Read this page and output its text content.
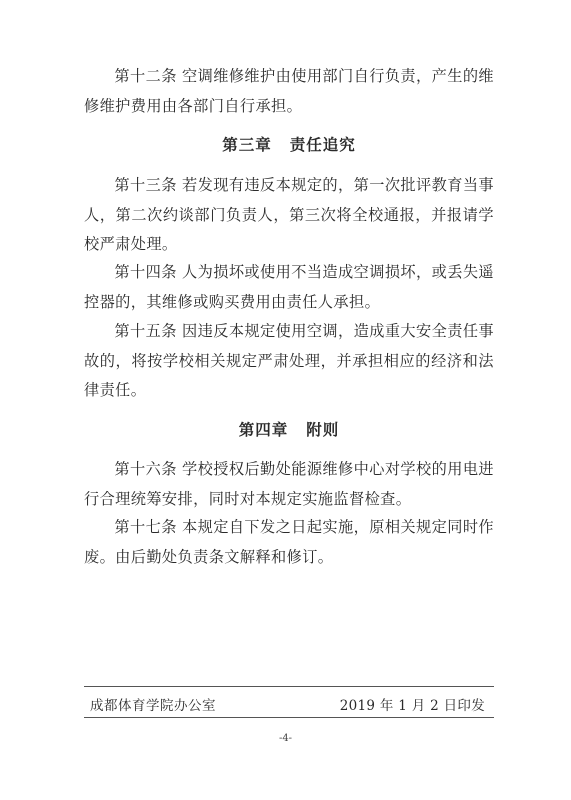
第十二条 空调维修维护由使用部门自行负责，产生的维修维护费用由各部门自行承担。

第三章 责任追究

第十三条 若发现有违反本规定的，第一次批评教育当事人，第二次约谈部门负责人，第三次将全校通报，并报请学校严肃处理。

第十四条 人为损坏或使用不当造成空调损坏，或丢失遥控器的，其维修或购买费用由责任人承担。

第十五条 因违反本规定使用空调，造成重大安全责任事故的，将按学校相关规定严肃处理，并承担相应的经济和法律责任。

第四章 附则

第十六条 学校授权后勤处能源维修中心对学校的用电进行合理统筹安排，同时对本规定实施监督检查。

第十七条 本规定自下发之日起实施，原相关规定同时作废。由后勤处负责条文解释和修订。

成都体育学院办公室	2019 年 1 月 2 日印发
-4-
